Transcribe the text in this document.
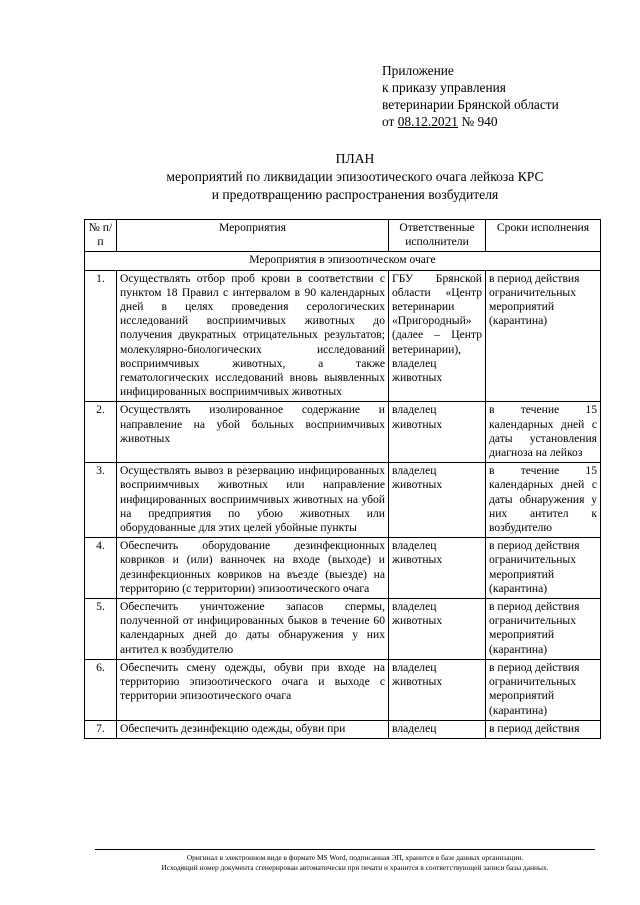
Приложение
к приказу управления
ветеринарии Брянской области
от 08.12.2021 № 940
ПЛАН
мероприятий по ликвидации эпизоотического очага лейкоза КРС
и предотвращению распространения возбудителя
№ п/п	Мероприятия	Ответственные исполнители	Сроки исполнения
Мероприятия в эпизоотическом очаге			
1.	Осуществлять отбор проб крови в соответствии с пунктом 18 Правил с интервалом в 90 календарных дней в целях проведения серологических исследований восприимчивых животных до получения двукратных отрицательных результатов; молекулярно-биологических исследований восприимчивых животных, а также гематологических исследований вновь выявленных инфицированных восприимчивых животных	ГБУ Брянской области «Центр ветеринарии «Пригородный» (далее – Центр ветеринарии), владелец животных	в период действия ограничительных мероприятий (карантина)
2.	Осуществлять изолированное содержание и направление на убой больных восприимчивых животных	владелец животных	в течение 15 календарных дней с даты установления диагноза на лейкоз
3.	Осуществлять вывоз в резервацию инфицированных восприимчивых животных или направление инфицированных восприимчивых животных на убой на предприятия по убою животных или оборудованные для этих целей убойные пункты	владелец животных	в течение 15 календарных дней с даты обнаружения у них антител к возбудителю
4.	Обеспечить оборудование дезинфекционных ковриков и (или) ванночек на входе (выходе) и дезинфекционных ковриков на въезде (выезде) на территорию (с территории) эпизоотического очага	владелец животных	в период действия ограничительных мероприятий (карантина)
5.	Обеспечить уничтожение запасов спермы, полученной от инфицированных быков в течение 60 календарных дней до даты обнаружения у них антител к возбудителю	владелец животных	в период действия ограничительных мероприятий (карантина)
6.	Обеспечить смену одежды, обуви при входе на территорию эпизоотического очага и выходе с территории эпизоотического очага	владелец животных	в период действия ограничительных мероприятий (карантина)
7.	Обеспечить дезинфекцию одежды, обуви при	владелец	в период действия
Оригинал в электронном виде в формате MS Word, подписанная ЭП, хранится в базе данных организации.
Исходящий номер документа сгенерирован автоматически при печати и хранится в соответствующей записи базы данных.
